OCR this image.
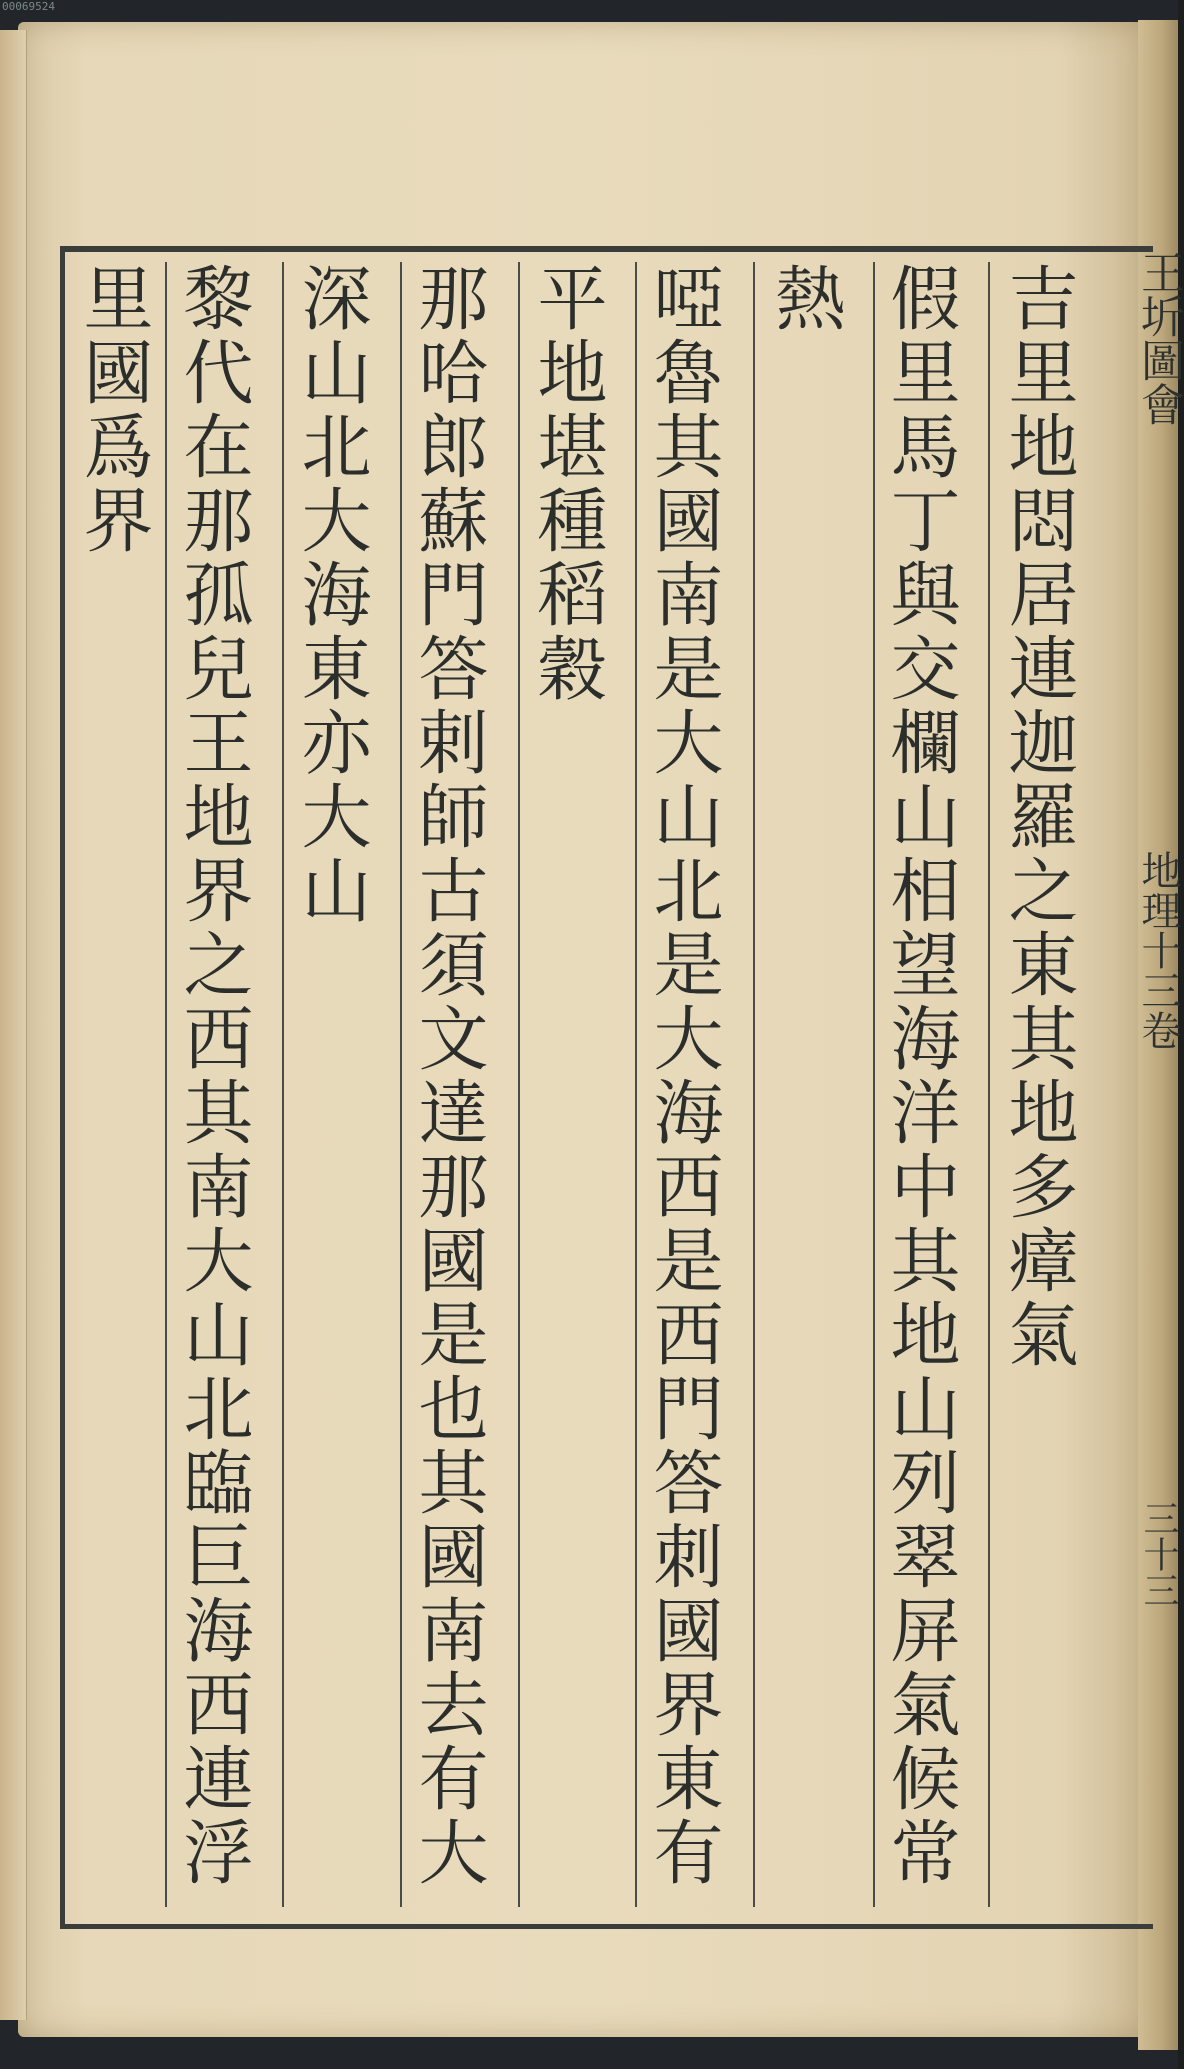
00069524
王圻圖會
地理十三卷
三十三
吉里地悶居連迦羅之東其地多瘴氣
假里馬丁與交欄山相望海洋中其地山列翠屏氣候常
熱
啞魯其國南是大山北是大海西是西門答刺國界東有
平地堪種稻穀
那哈郎蘇門答剌師古須文達那國是也其國南去有大
深山北大海東亦大山
黎代在那孤兒王地界之西其南大山北臨巨海西連浮
里國爲界
